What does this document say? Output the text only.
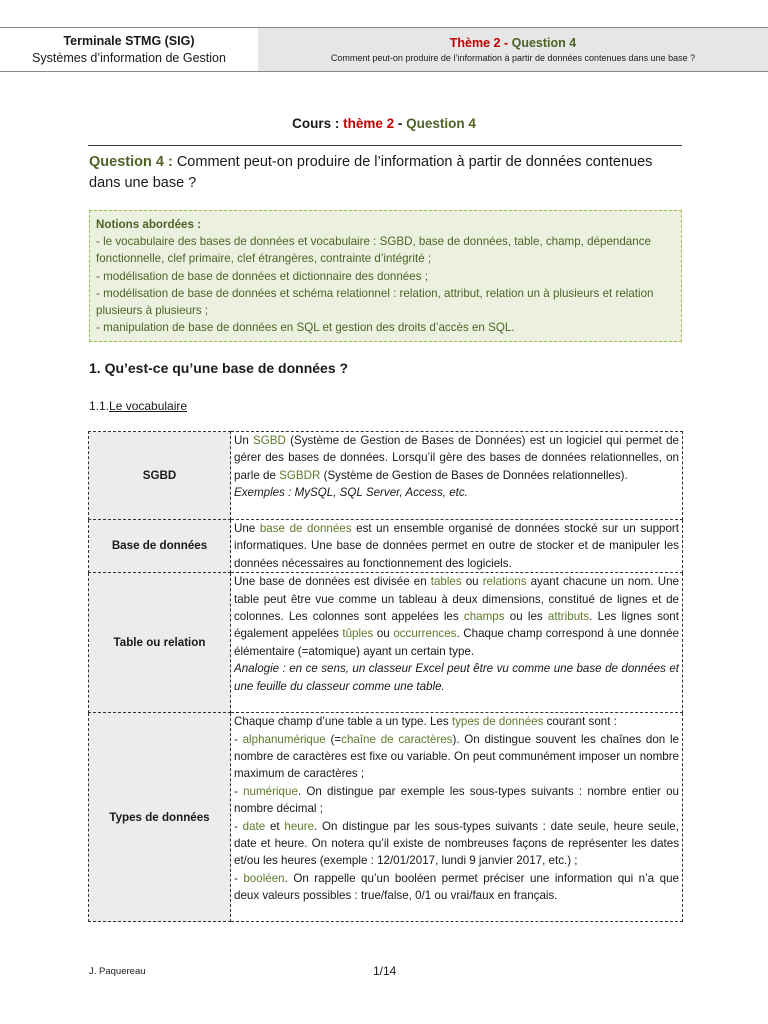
Terminale STMG (SIG)
Systèmes d’information de Gestion
Thème 2 - Question 4
Comment peut-on produire de l’information à partir de données contenues dans une base ?
Cours : thème 2 - Question 4
Question 4 : Comment peut-on produire de l’information à partir de données contenues dans une base ?
Notions abordées :
- le vocabulaire des bases de données et vocabulaire : SGBD, base de données, table, champ, dépendance fonctionnelle, clef primaire, clef étrangères, contrainte d’intégrité ;
- modélisation de base de données et dictionnaire des données ;
- modélisation de base de données et schéma relationnel : relation, attribut, relation un à plusieurs et relation plusieurs à plusieurs ;
- manipulation de base de données en SQL et gestion des droits d’accès en SQL.
1. Qu’est-ce qu’une base de données ?
1.1.Le vocabulaire
SGBD	Un SGBD (Système de Gestion de Bases de Données) est un logiciel qui permet de gérer des bases de données. Lorsqu’il gère des bases de données relationnelles, on parle de SGBDR (Système de Gestion de Bases de Données relationnelles).
Exemples : MySQL, SQL Server, Access, etc.
Base de données	Une base de données est un ensemble organisé de données stocké sur un support informatiques. Une base de données permet en outre de stocker et de manipuler les données nécessaires au fonctionnement des logiciels.
Table ou relation	Une base de données est divisée en tables ou relations ayant chacune un nom. Une table peut être vue comme un tableau à deux dimensions, constitué de lignes et de colonnes. Les colonnes sont appelées les champs ou les attributs. Les lignes sont également appelées tûples ou occurrences. Chaque champ correspond à une donnée élémentaire (=atomique) ayant un certain type.
Analogie : en ce sens, un classeur Excel peut être vu comme une base de données et une feuille du classeur comme une table.
Types de données	Chaque champ d’une table a un type. Les types de données courant sont :
- alphanumérique (=chaîne de caractères). On distingue souvent les chaînes don le nombre de caractères est fixe ou variable. On peut communément imposer un nombre maximum de caractères ;
- numérique. On distingue par exemple les sous-types suivants : nombre entier ou nombre décimal ;
- date et heure. On distingue par les sous-types suivants : date seule, heure seule, date et heure. On notera qu’il existe de nombreuses façons de représenter les dates et/ou les heures (exemple : 12/01/2017, lundi 9 janvier 2017, etc.) ;
- booléen. On rappelle qu’un booléen permet préciser une information qui n’a que deux valeurs possibles : true/false, 0/1 ou vrai/faux en français.
J. Paquereau	1/14
